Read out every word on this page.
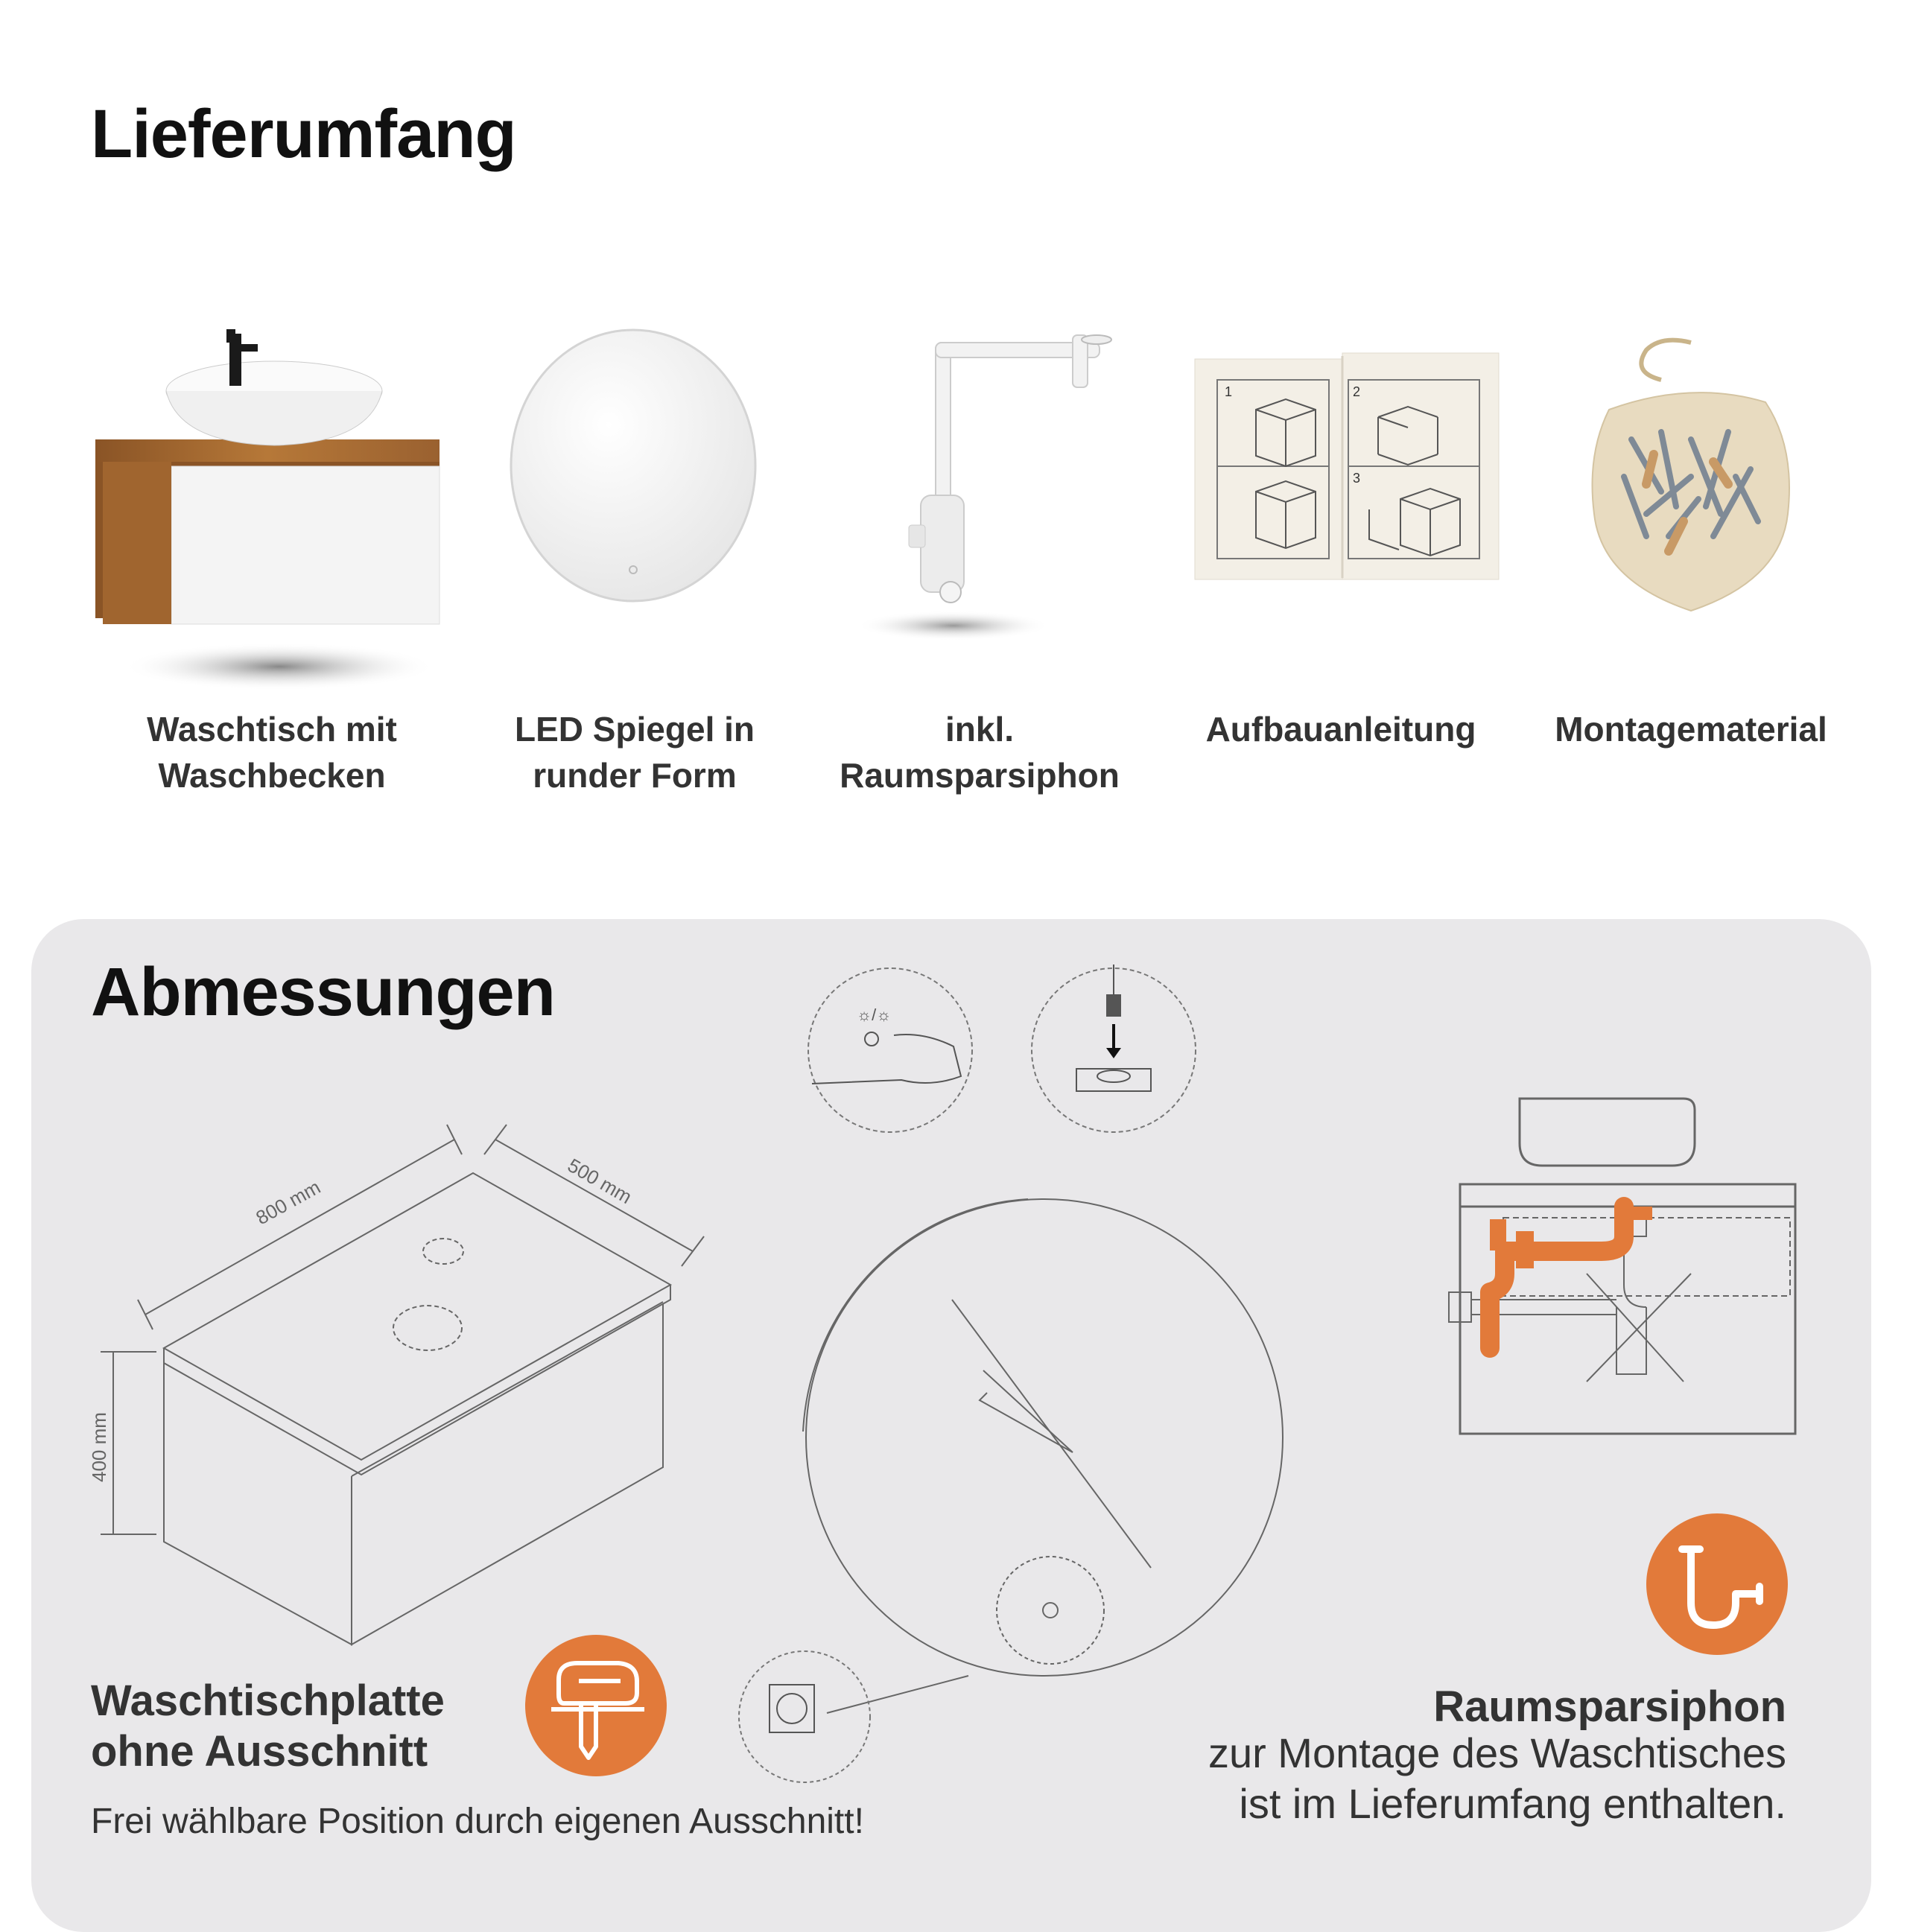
Lieferumfang
Waschtisch mit
Waschbecken
LED Spiegel in
runder Form
inkl. Raumsparsiphon
1	2
3
Aufbauanleitung	Montagematerial
Abmessungen
800 mm	500 mm
400 mm
☼/☼
Waschtischplatte
ohne Ausschnitt
Frei wählbare Position durch eigenen Ausschnitt!
Raumsparsiphon
zur Montage des Waschtisches
ist im Lieferumfang enthalten.
